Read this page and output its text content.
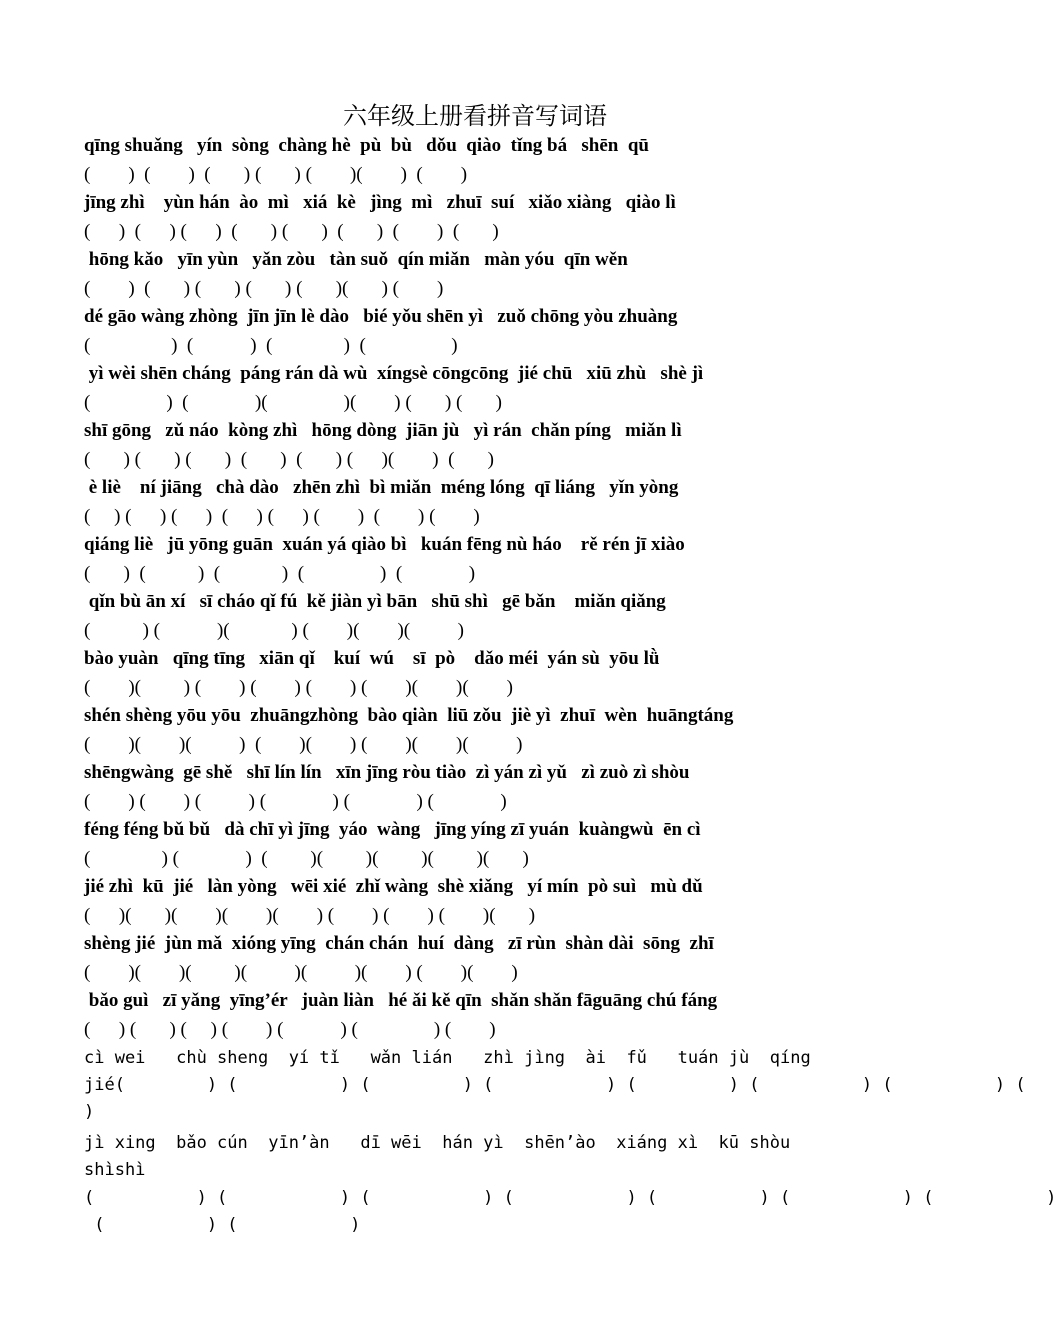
六年级上册看拼音写词语
qīng shuǎng   yín  sòng  chàng hè  pù  bù   dǒu  qiào  tǐng bá   shēn  qū
(        )  (        )  (       ) (       ) (        )(        )  (        )
jīng zhì    yùn hán  ào  mì   xiá  kè   jìng  mì   zhuī  suí   xiǎo xiàng   qiào lì
(      )  (      ) (      )  (       ) (       )  (       )  (        )  (       )
hōng kǎo   yīn yùn   yǎn zòu   tàn suǒ  qín miǎn   màn yóu  qīn wěn
(        )  (       ) (       ) (       ) (       )(       ) (        )
dé gāo wàng zhòng  jīn jīn lè dào   bié yǒu shēn yì   zuǒ chōng yòu zhuàng
(                 )  (            )  (               )  (                  )
yì wèi shēn cháng  páng rán dà wù  xíngsè cōngcōng  jié chū   xiū zhù   shè jì
(                )  (              )(                )(        ) (       ) (       )
shī gōng   zǔ náo  kòng zhì   hōng dòng  jiān jù   yì rán  chǎn píng   miǎn lì
(       ) (       ) (       )  (       )  (       ) (      )(        )  (       )
è liè    ní jiāng   chà dào   zhēn zhì  bì miǎn  méng lóng  qī liáng   yǐn yòng
(     ) (      ) (      )  (      ) (      ) (        )  (        ) (        )
qiáng liè   jū yōng guān  xuán yá qiào bì   kuán fēng nù háo    rě rén jī xiào
(       )  (           )  (             )  (                )  (              )
qǐn bù ān xí   sī cháo qǐ fú  kě jiàn yì bān   shū shì   gē bǎn    miǎn qiǎng
(           ) (            )(             ) (        )(        )(          )
bào yuàn   qīng tīng   xiān qǐ    kuí  wú    sī  pò    dǎo méi  yán sù  yōu lǜ
(        )(         ) (        ) (        ) (        ) (        )(        )(        )
shén shèng yōu yōu  zhuāngzhòng  bào qiàn  liū zǒu  jiè yì  zhuī  wèn  huāngtáng
(        )(        )(          )  (        )(        ) (        )(        )(          )
shēngwàng  gē shě   shī lín lín   xīn jīng ròu tiào  zì yán zì yǔ   zì zuò zì shòu
(        ) (        ) (          ) (              ) (              ) (              )
féng féng bǔ bǔ   dà chī yì jīng  yáo  wàng   jīng yíng zī yuán  kuàngwù  ēn cì
(               ) (              )  (         )(         )(         )(         )(       )
jié zhì  kū  jié   làn yòng   wēi xié  zhǐ wàng  shè xiǎng   yí mín  pò suì   mù dǔ
(      )(       )(        )(        )(        ) (        ) (        ) (        )(       )
shèng jié  jùn mǎ  xióng yīng  chán chán  huí  dàng   zī rùn  shàn dài  sōng  zhī
(        )(        )(         )(          )(          )(        ) (        )(        )
bǎo guì   zī yǎng  yīng’ér   juàn liàn   hé ǎi kě qīn  shǎn shǎn fāguāng chú fáng
(      ) (       ) (     ) (        ) (            ) (                ) (        )
cì wei   chù sheng  yí tǐ   wǎn lián   zhì jìng  ài  fǔ   tuán jù  qíng
jié(        ) (          ) (         ) (           ) (         ) (          ) (          ) (
)
jì xing  bǎo cún  yīn’àn   dī wēi  hán yì  shēn’ào  xiáng xì  kū shòu
shìshì
(          ) (           ) (           ) (           ) (          ) (           ) (           )
(          ) (           )
